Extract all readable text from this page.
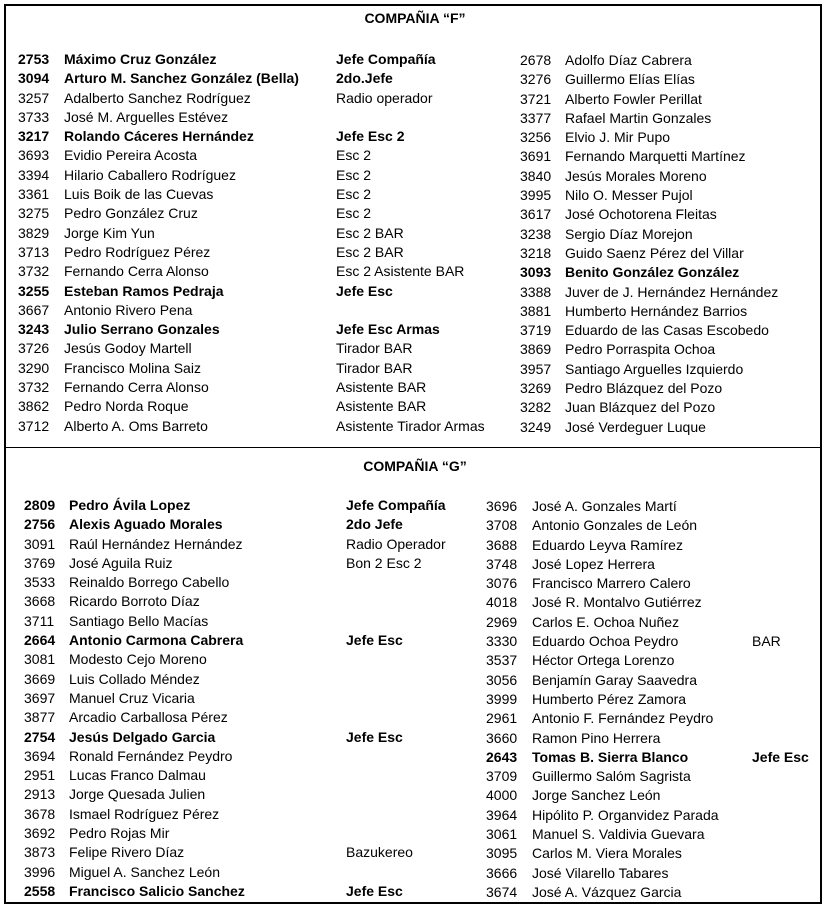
COMPAÑIA “F”
2753 Máximo Cruz González	Jefe Compañía
3094 Arturo M. Sanchez González (Bella)	2do.Jefe
3257 Adalberto Sanchez Rodríguez	Radio operador
3733 José M. Arguelles Estévez
3217 Rolando Cáceres Hernández	Jefe Esc 2
3693 Evidio Pereira Acosta	Esc 2
3394 Hilario Caballero Rodríguez	Esc 2
3361 Luis Boik de las Cuevas	Esc 2
3275 Pedro González Cruz	Esc 2
3829 Jorge Kim Yun	Esc 2 BAR
3713 Pedro Rodríguez Pérez	Esc 2 BAR
3732 Fernando Cerra Alonso	Esc 2 Asistente BAR
3255 Esteban Ramos Pedraja	Jefe Esc
3667 Antonio Rivero Pena
3243 Julio Serrano Gonzales	Jefe Esc Armas
3726 Jesús Godoy Martell	Tirador BAR
3290 Francisco Molina Saiz	Tirador BAR
3732 Fernando Cerra Alonso	Asistente BAR
3862 Pedro Norda Roque	Asistente BAR
3712 Alberto A. Oms Barreto	Asistente Tirador Armas
2678 Adolfo Díaz Cabrera
3276 Guillermo Elías Elías
3721 Alberto Fowler Perillat
3377 Rafael Martin Gonzales
3256 Elvio J. Mir Pupo
3691 Fernando Marquetti Martínez
3840 Jesús Morales Moreno
3995 Nilo O. Messer Pujol
3617 José Ochotorena Fleitas
3238 Sergio Díaz Morejon
3218 Guido Saenz Pérez del Villar
3093 Benito González González
3388 Juver de J. Hernández Hernández
3881 Humberto Hernández Barrios
3719 Eduardo de las Casas Escobedo
3869 Pedro Porraspita Ochoa
3957 Santiago Arguelles Izquierdo
3269 Pedro Blázquez del Pozo
3282 Juan Blázquez del Pozo
3249 José Verdeguer Luque
COMPAÑIA “G”
2809 Pedro Ávila Lopez	Jefe Compañía
2756 Alexis Aguado Morales	2do Jefe
3091 Raúl Hernández Hernández	Radio Operador
3769 José Aguila Ruiz	Bon 2 Esc 2
3533 Reinaldo Borrego Cabello
3668 Ricardo Borroto Díaz
3711 Santiago Bello Macías
2664 Antonio Carmona Cabrera	Jefe Esc
3081 Modesto Cejo Moreno
3669 Luis Collado Méndez
3697 Manuel Cruz Vicaria
3877 Arcadio Carballosa Pérez
2754 Jesús Delgado Garcia	Jefe Esc
3694 Ronald Fernández Peydro
2951 Lucas Franco Dalmau
2913 Jorge Quesada Julien
3678 Ismael Rodríguez Pérez
3692 Pedro Rojas Mir
3873 Felipe Rivero Díaz	Bazukereo
3996 Miguel A. Sanchez León
2558 Francisco Salicio Sanchez	Jefe Esc
3696 José A. Gonzales Martí
3708 Antonio Gonzales de León
3688 Eduardo Leyva Ramírez
3748 José Lopez Herrera
3076 Francisco Marrero Calero
4018 José R. Montalvo Gutiérrez
2969 Carlos E. Ochoa Nuñez
3330 Eduardo Ochoa Peydro	BAR
3537 Héctor Ortega Lorenzo
3056 Benjamín Garay Saavedra
3999 Humberto Pérez Zamora
2961 Antonio F. Fernández Peydro
3660 Ramon Pino Herrera
2643 Tomas B. Sierra Blanco	Jefe Esc
3709 Guillermo Salóm Sagrista
4000 Jorge Sanchez León
3964 Hipólito P. Organvidez Parada
3061 Manuel S. Valdivia Guevara
3095 Carlos M. Viera Morales
3666 José Vilarello Tabares
3674 José A. Vázquez Garcia
